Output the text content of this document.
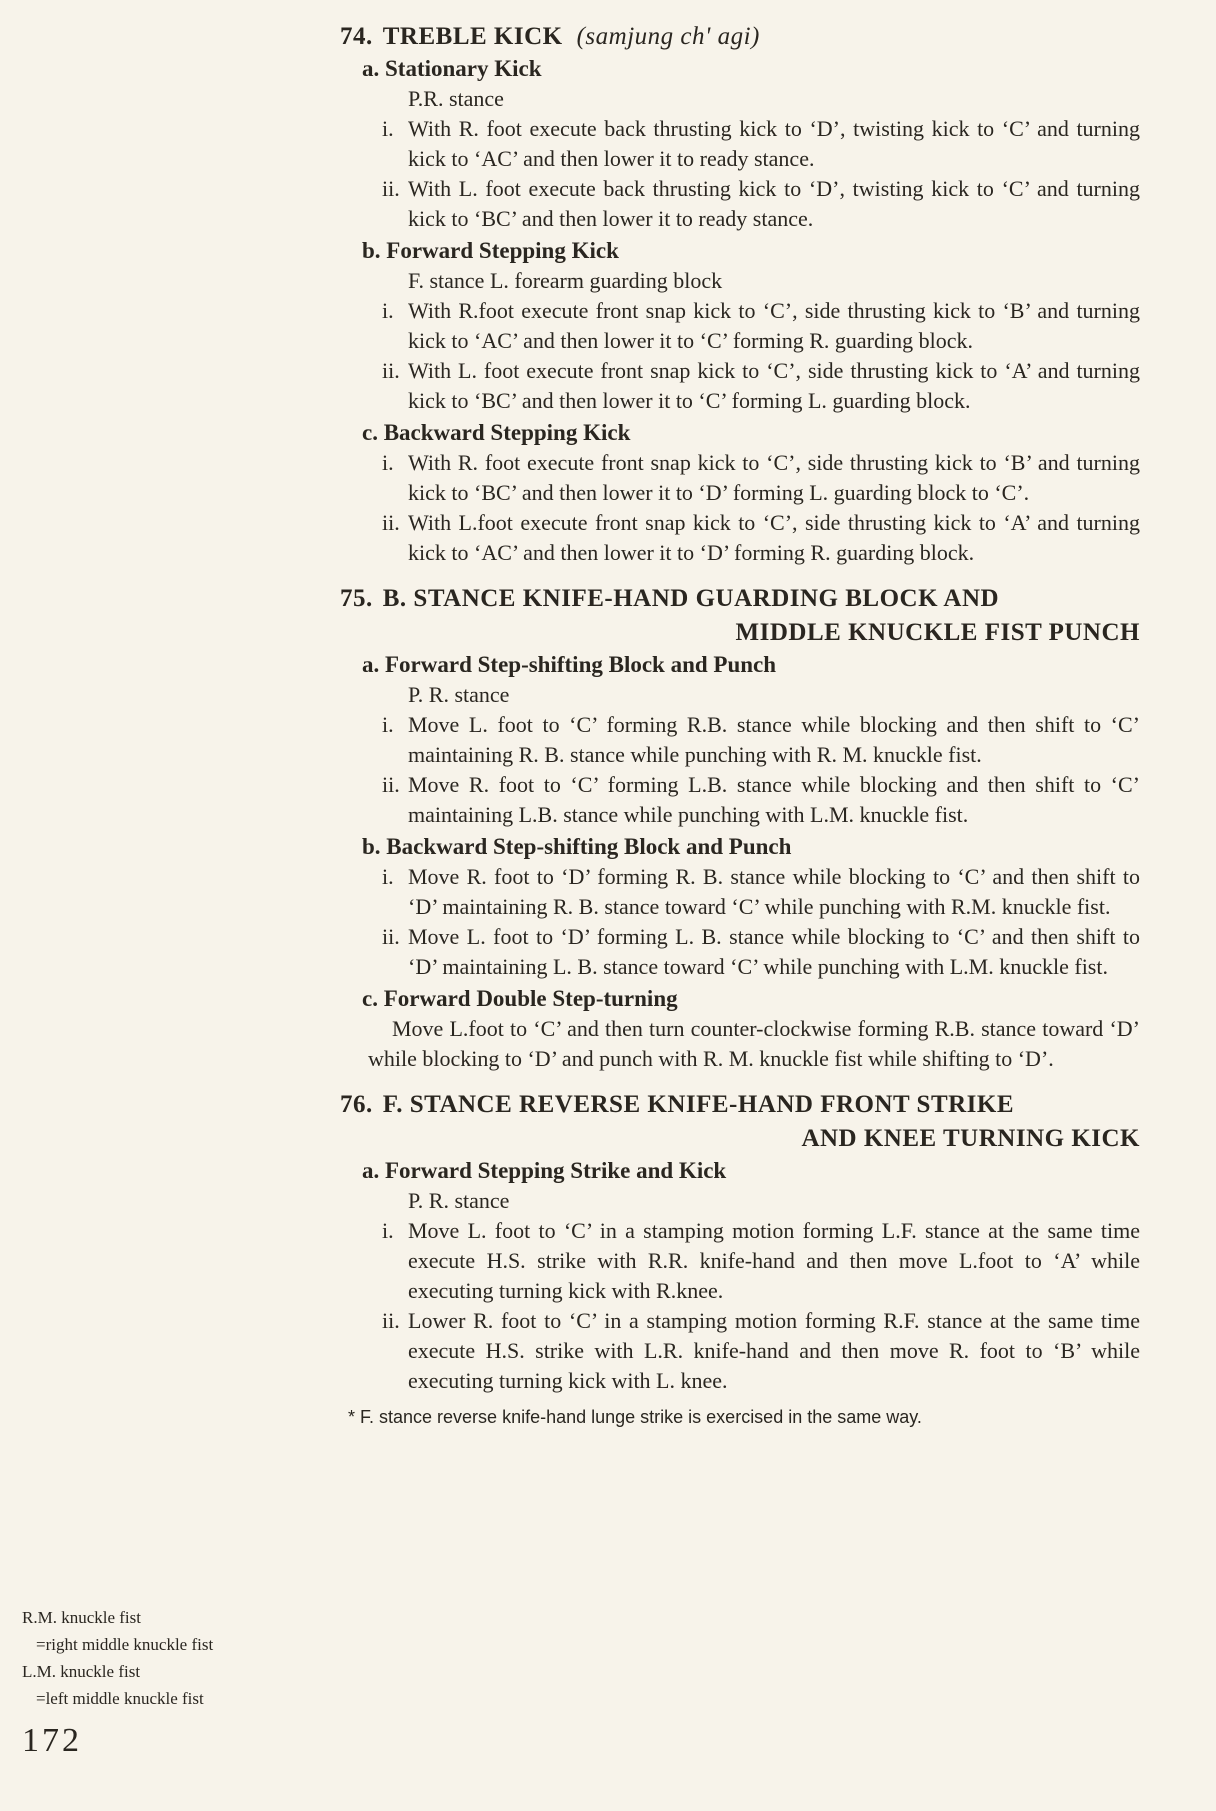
74. TREBLE KICK (samjung ch' agi)
a. Stationary Kick
P.R. stance
i. With R. foot execute back thrusting kick to ‘D’, twisting kick to ‘C’ and turning kick to ‘AC’ and then lower it to ready stance.
ii. With L. foot execute back thrusting kick to ‘D’, twisting kick to ‘C’ and turning kick to ‘BC’ and then lower it to ready stance.
b. Forward Stepping Kick
F. stance L. forearm guarding block
i. With R.foot execute front snap kick to ‘C’, side thrusting kick to ‘B’ and turning kick to ‘AC’ and then lower it to ‘C’ forming R. guarding block.
ii. With L. foot execute front snap kick to ‘C’, side thrusting kick to ‘A’ and turning kick to ‘BC’ and then lower it to ‘C’ forming L. guarding block.
c. Backward Stepping Kick
i. With R. foot execute front snap kick to ‘C’, side thrusting kick to ‘B’ and turning kick to ‘BC’ and then lower it to ‘D’ forming L. guarding block to ‘C’.
ii. With L.foot execute front snap kick to ‘C’, side thrusting kick to ‘A’ and turning kick to ‘AC’ and then lower it to ‘D’ forming R. guarding block.
75. B. STANCE KNIFE-HAND GUARDING BLOCK AND
MIDDLE KNUCKLE FIST PUNCH
a. Forward Step-shifting Block and Punch
P. R. stance
i. Move L. foot to ‘C’ forming R.B. stance while blocking and then shift to ‘C’ maintaining R. B. stance while punching with R. M. knuckle fist.
ii. Move R. foot to ‘C’ forming L.B. stance while blocking and then shift to ‘C’ maintaining L.B. stance while punching with L.M. knuckle fist.
b. Backward Step-shifting Block and Punch
i. Move R. foot to ‘D’ forming R. B. stance while blocking to ‘C’ and then shift to ‘D’ maintaining R. B. stance toward ‘C’ while punching with R.M. knuckle fist.
ii. Move L. foot to ‘D’ forming L. B. stance while blocking to ‘C’ and then shift to ‘D’ maintaining L. B. stance toward ‘C’ while punching with L.M. knuckle fist.
c. Forward Double Step-turning
Move L.foot to ‘C’ and then turn counter-clockwise forming R.B. stance toward ‘D’ while blocking to ‘D’ and punch with R. M. knuckle fist while shifting to ‘D’.
76. F. STANCE REVERSE KNIFE-HAND FRONT STRIKE
AND KNEE TURNING KICK
a. Forward Stepping Strike and Kick
P. R. stance
i. Move L. foot to ‘C’ in a stamping motion forming L.F. stance at the same time execute H.S. strike with R.R. knife-hand and then move L.foot to ‘A’ while executing turning kick with R.knee.
ii. Lower R. foot to ‘C’ in a stamping motion forming R.F. stance at the same time execute H.S. strike with L.R. knife-hand and then move R. foot to ‘B’ while executing turning kick with L. knee.
* F. stance reverse knife-hand lunge strike is exercised in the same way.
R.M. knuckle fist
=right middle knuckle fist
L.M. knuckle fist
=left middle knuckle fist
172
